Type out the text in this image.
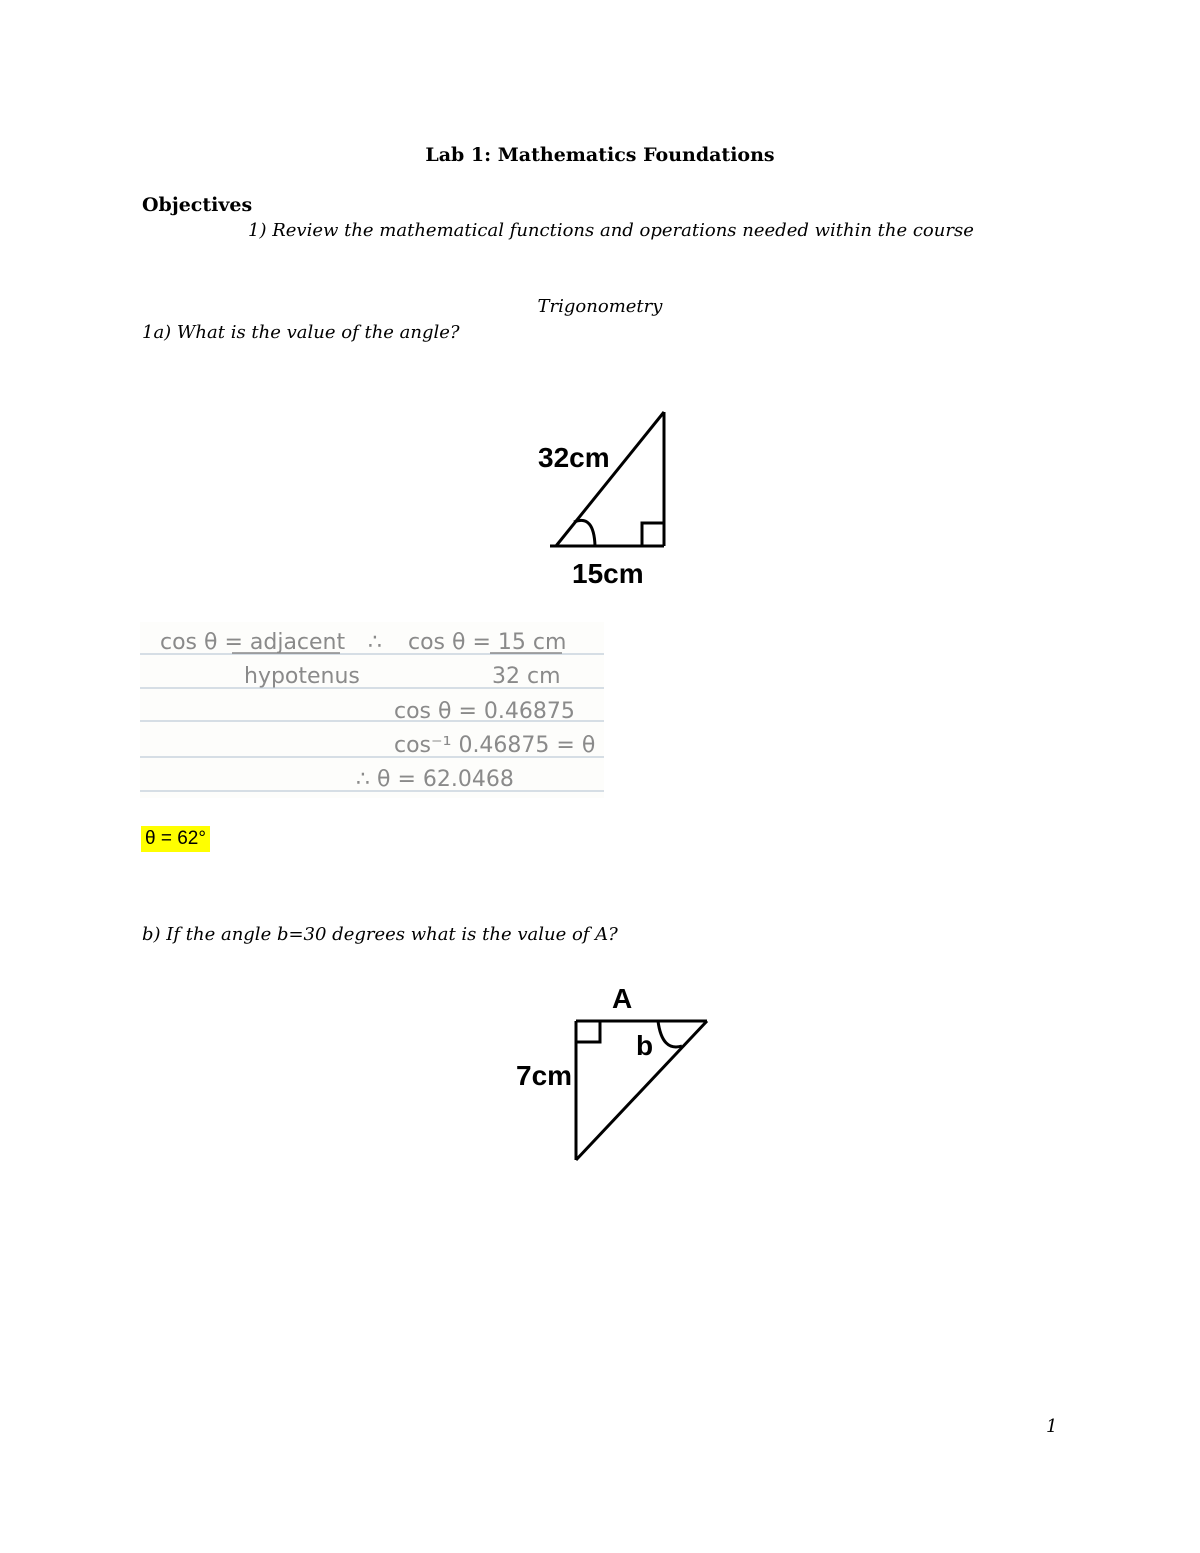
Lab 1: Mathematics Foundations
Objectives
1) Review the mathematical functions and operations needed within the course
Trigonometry
1a) What is the value of the angle?
32cm
15cm
cos θ = adjacent ∴ cos θ = 15 cm
hypotenus	32 cm
cos θ = 0.46875
cos⁻¹ 0.46875 = θ
∴ θ = 62.0468
θ = 62°
b) If the angle b=30 degrees what is the value of A?
A
7cm
b
1
